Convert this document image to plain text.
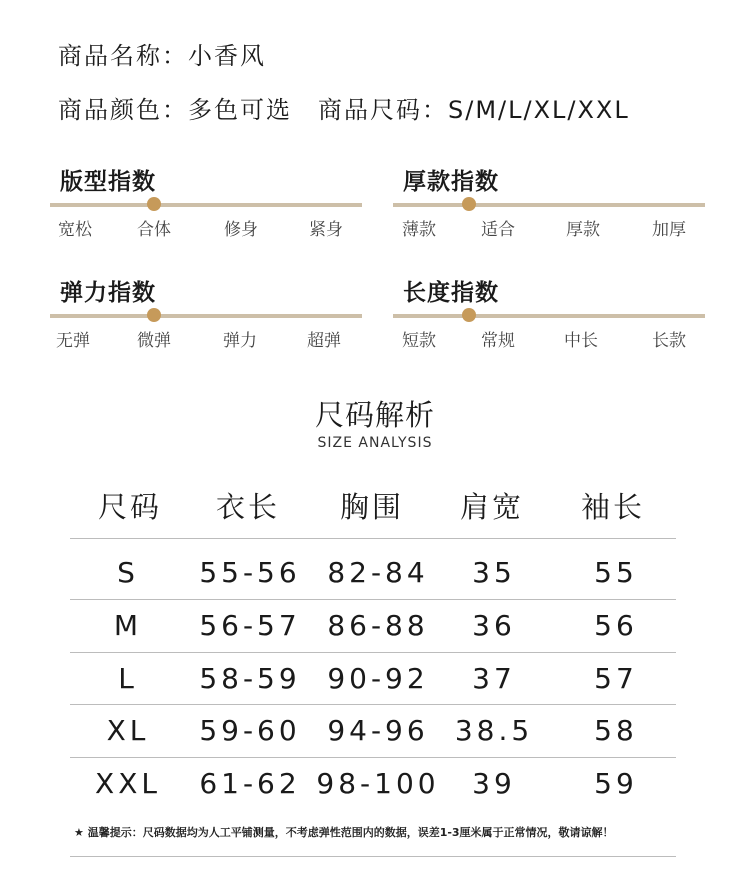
商品名称：小香风
商品颜色：多色可选 商品尺码：S/M/L/XL/XXL
版型指数
宽松	合体	修身	紧身
厚款指数
薄款	适合	厚款	加厚
弹力指数
无弹	微弹	弹力	超弹
长度指数
短款	常规	中长	长款
尺码解析
SIZE ANALYSIS
尺码 衣长 胸围 肩宽 袖长
S 55-56 82-84 35	55
M 56-57 86-88 36	56
L 58-59 90-92 37	57
XL 59-60 94-96 38.5 58
XXL 61-62 98-100 39	59
★ 温馨提示：尺码数据均为人工平铺测量，不考虑弹性范围内的数据，误差1-3厘米属于正常情况，敬请谅解！
